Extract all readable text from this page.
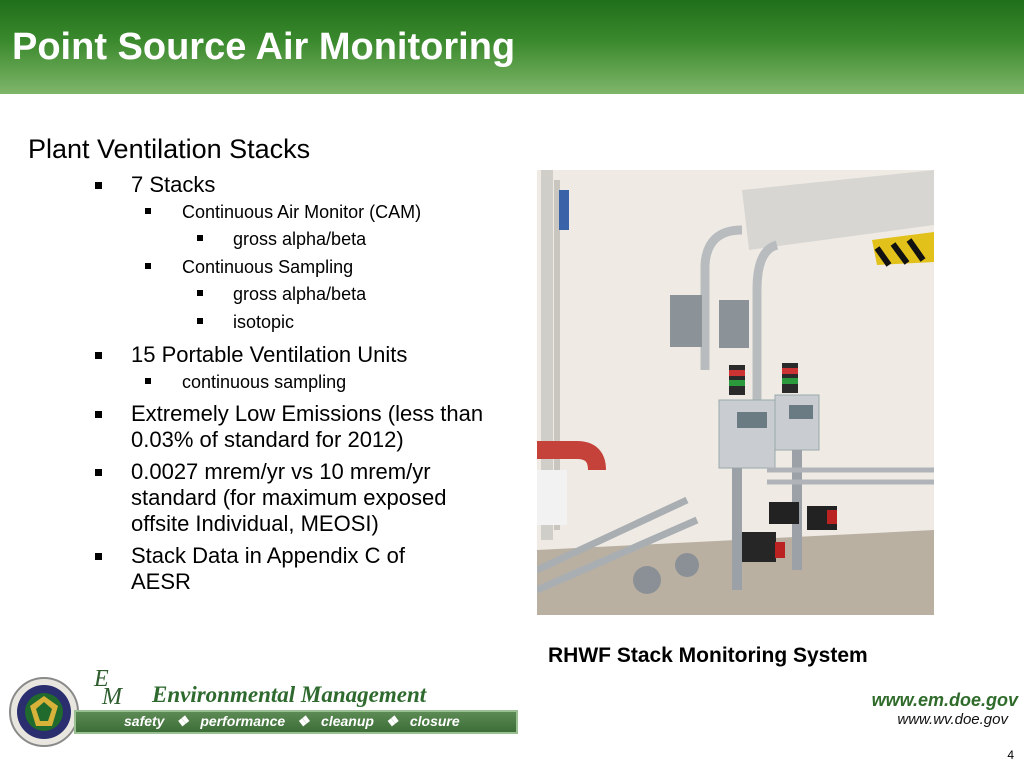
Point Source Air Monitoring
Plant Ventilation Stacks
7 Stacks
Continuous Air Monitor (CAM)
gross alpha/beta
Continuous Sampling
gross alpha/beta
isotopic
15 Portable Ventilation Units
continuous sampling
Extremely Low Emissions (less than 0.03% of standard for 2012)
0.0027 mrem/yr vs 10 mrem/yr standard (for maximum exposed offsite Individual, MEOSI)
Stack Data in Appendix C of AESR
RHWF Stack Monitoring System
E
M Environmental Management
safety   ❖   performance   ❖   cleanup   ❖   closure
www.em.doe.gov
www.wv.doe.gov
4
